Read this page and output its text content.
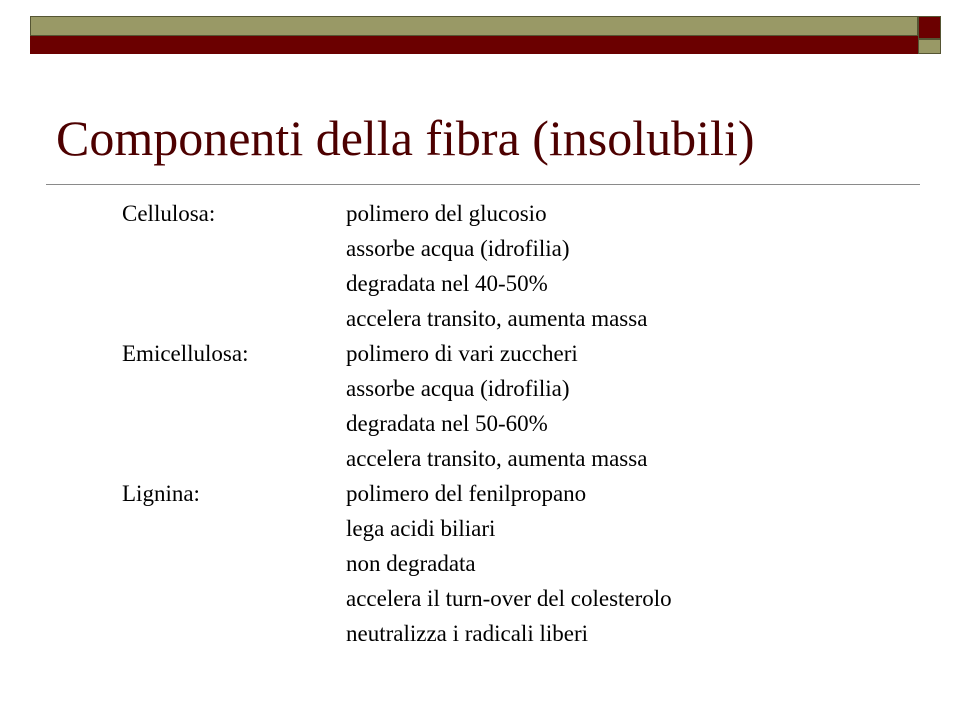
Componenti della fibra (insolubili)
Cellulosa:	polimero del glucosio
assorbe acqua (idrofilia)
degradata nel 40-50%
accelera transito, aumenta massa
Emicellulosa:	polimero di vari zuccheri
assorbe acqua (idrofilia)
degradata nel 50-60%
accelera transito, aumenta massa
Lignina:	polimero del fenilpropano
lega acidi biliari
non degradata
accelera il turn-over del colesterolo
neutralizza i radicali liberi
